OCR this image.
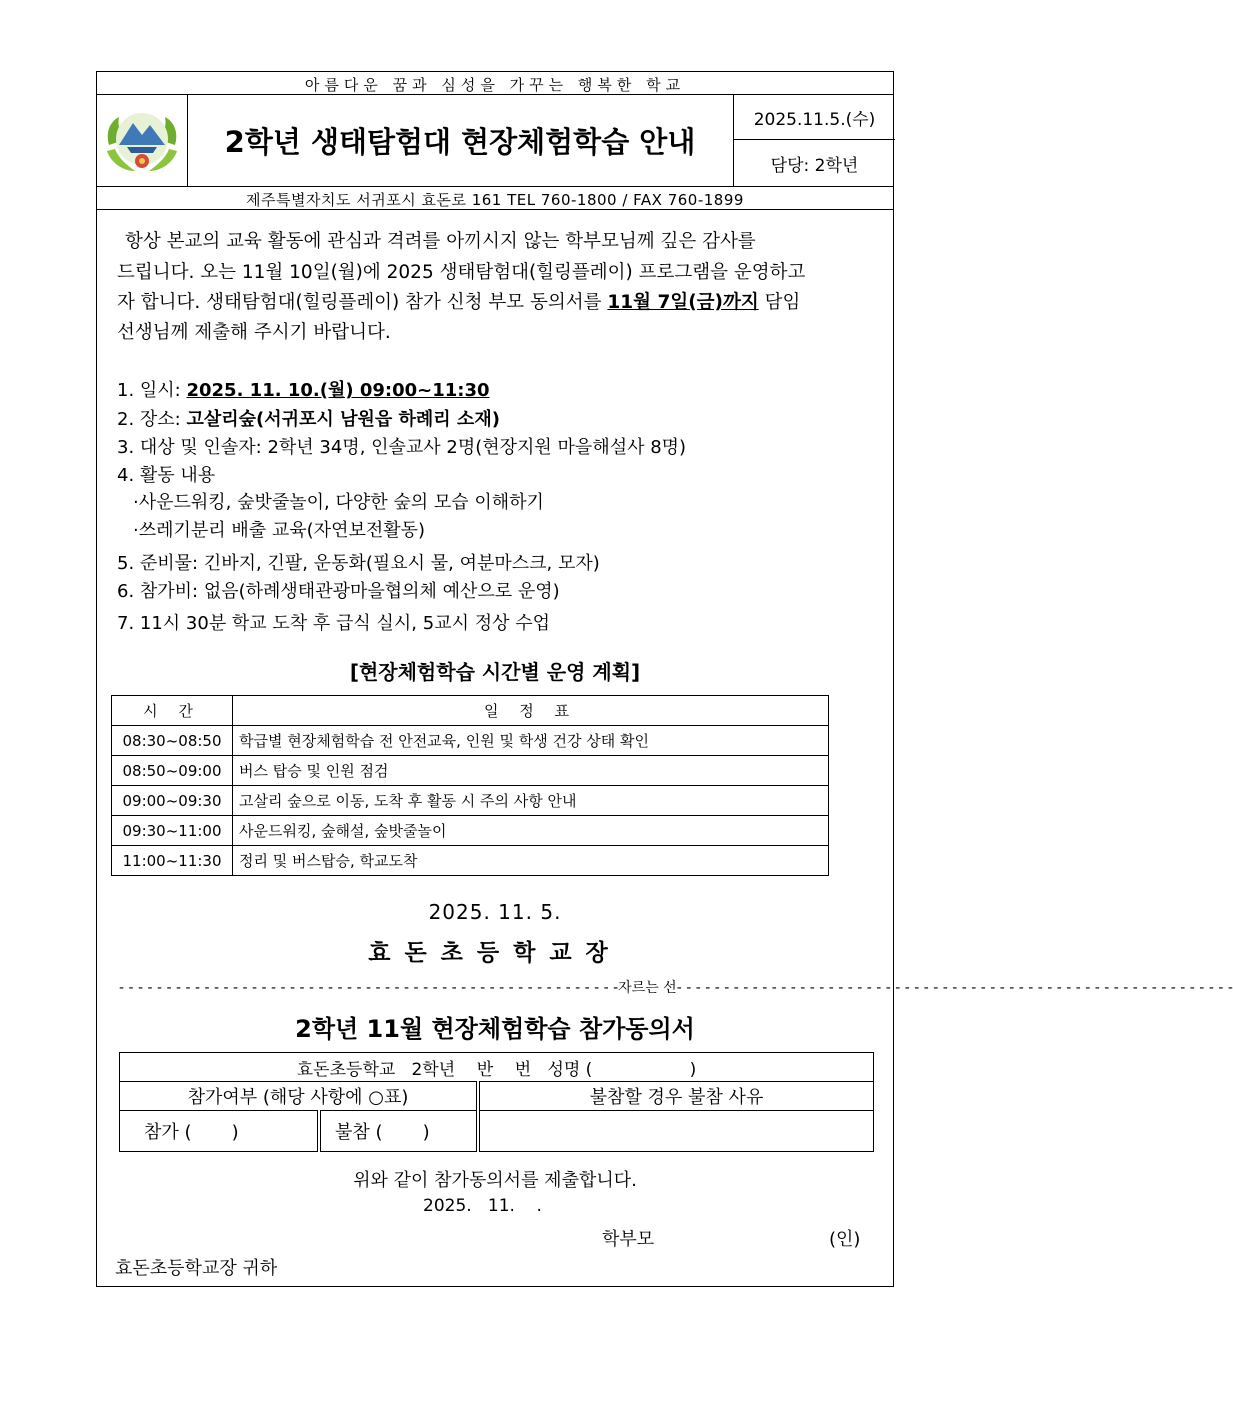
아름다운 꿈과 심성을 가꾸는 행복한 학교
2학년 생태탐험대 현장체험학습 안내
2025.11.5.(수)
담당: 2학년
제주특별자치도 서귀포시 효돈로 161 TEL 760-1800 / FAX 760-1899
항상 본교의 교육 활동에 관심과 격려를 아끼시지 않는 학부모님께 깊은 감사를
드립니다. 오는 11월 10일(월)에 2025 생태탐험대(힐링플레이) 프로그램을 운영하고
자 합니다. 생태탐험대(힐링플레이) 참가 신청 부모 동의서를 11월 7일(금)까지 담임
선생님께 제출해 주시기 바랍니다.
1. 일시: 2025. 11. 10.(월) 09:00~11:30
2. 장소: 고살리숲(서귀포시 남원읍 하례리 소재)
3. 대상 및 인솔자: 2학년 34명, 인솔교사 2명(현장지원 마을해설사 8명)
4. 활동 내용
·사운드워킹, 숲밧줄놀이, 다양한 숲의 모습 이해하기
·쓰레기분리 배출 교육(자연보전활동)
5. 준비물: 긴바지, 긴팔, 운동화(필요시 물, 여분마스크, 모자)
6. 참가비: 없음(하례생태관광마을협의체 예산으로 운영)
7. 11시 30분 학교 도착 후 급식 실시, 5교시 정상 수업
[현장체험학습 시간별 운영 계획]
시 간	일 정 표
08:30~08:50	학급별 현장체험학습 전 안전교육, 인원 및 학생 건강 상태 확인
08:50~09:00	버스 탑승 및 인원 점검
09:00~09:30	고살리 숲으로 이동, 도착 후 활동 시 주의 사항 안내
09:30~11:00	사운드워킹, 숲해설, 숲밧줄놀이
11:00~11:30	정리 및 버스탑승, 학교도착
2025. 11. 5.
효돈초등학교장
- - - - - - - - - - - - - - - - - - - - - - - - - - - - - - - - - - - - - - - - - - - - - - - - - - - - -자르는 선- - - - - - - - - - - - - - - - - - - - - - - - - - - - - - - - - - - - - - - - - - - - - - - - - - - - - - - - - - -
2학년 11월 현장체험학습 참가동의서
효돈초등학교   2학년    반    번   성명 (                  )		
참가여부 (해당 사항에 ○표)		불참할 경우 불참 사유
참가 (       )	불참 (       )	
위와 같이 참가동의서를 제출합니다.
2025.   11.    .
학부모	(인)
효돈초등학교장 귀하
